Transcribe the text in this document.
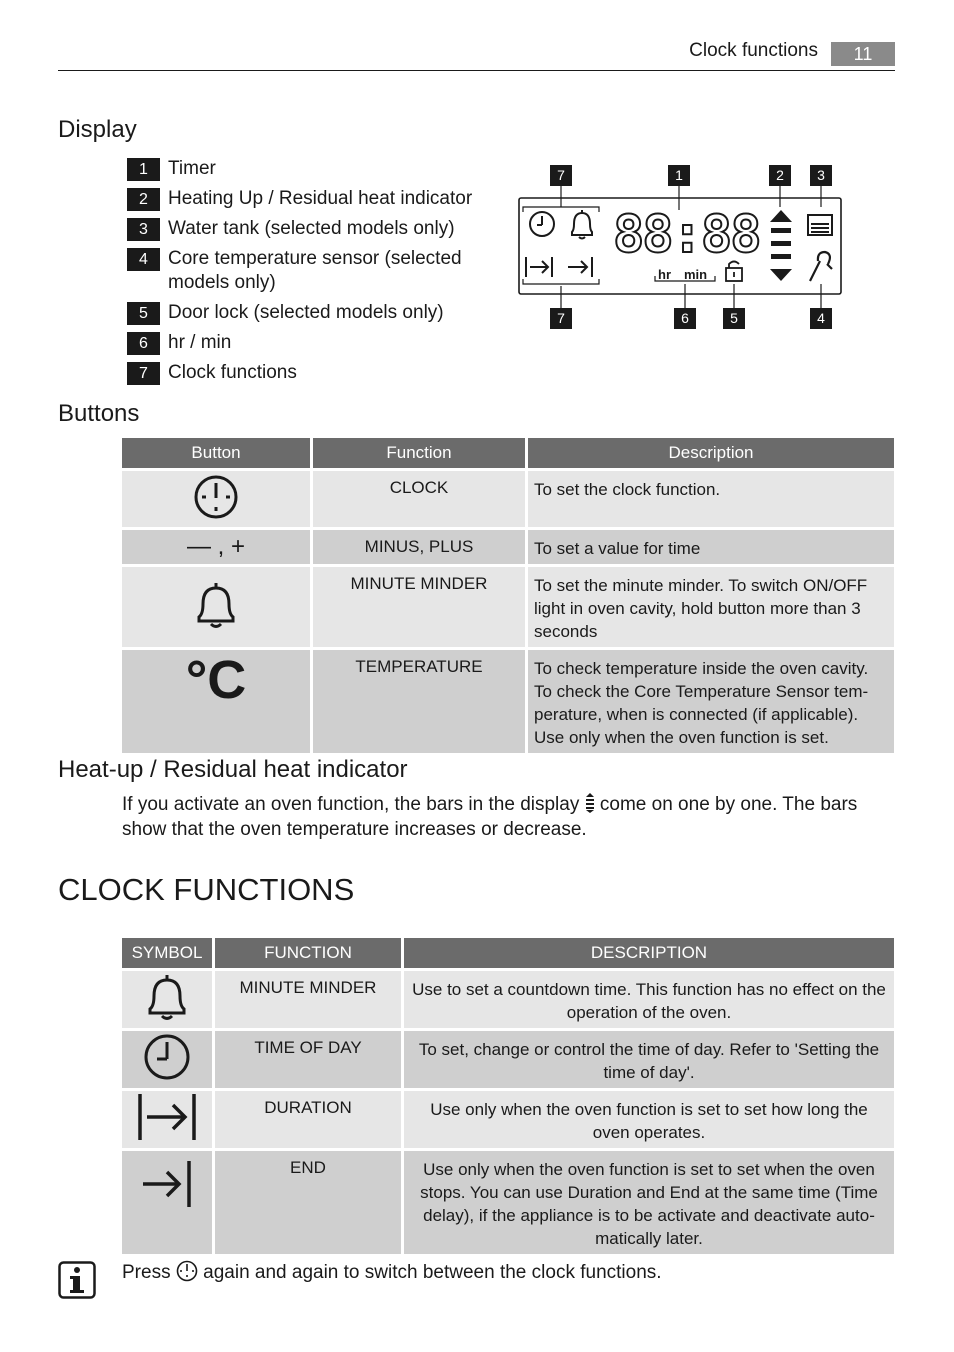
Clock functions	11
Display
1	Timer
2	Heating Up / Residual heat indicator
3	Water tank (selected models only)
4	Core temperature sensor (selected models only)
5	Door lock (selected models only)
6	hr / min
7	Clock functions
7	1	2	3
7	6	5	4
88:88
hr min
Buttons
Button	Function	Description
	CLOCK	To set the clock function.
— , +	MINUS, PLUS	To set a value for time
	MINUTE MINDER	To set the minute minder. To switch ON/OFF light in oven cavity, hold button more than 3 seconds
°C	TEMPERATURE	To check temperature inside the oven cavity. To check the Core Temperature Sensor tem-perature, when is connected (if applicable). Use only when the oven function is set.
Heat-up / Residual heat indicator
If you activate an oven function, the bars in the display come on one by one. The bars show that the oven temperature increases or decrease.
CLOCK FUNCTIONS
SYMBOL	FUNCTION	DESCRIPTION
	MINUTE MINDER	Use to set a countdown time. This function has no effect on the operation of the oven.
	TIME OF DAY	To set, change or control the time of day. Refer to 'Setting the time of day'.
	DURATION	Use only when the oven function is set to set how long the oven operates.
	END	Use only when the oven function is set to set when the oven stops. You can use Duration and End at the same time (Time delay), if the appliance is to be activate and deactivate auto-matically later.
Press again and again to switch between the clock functions.
